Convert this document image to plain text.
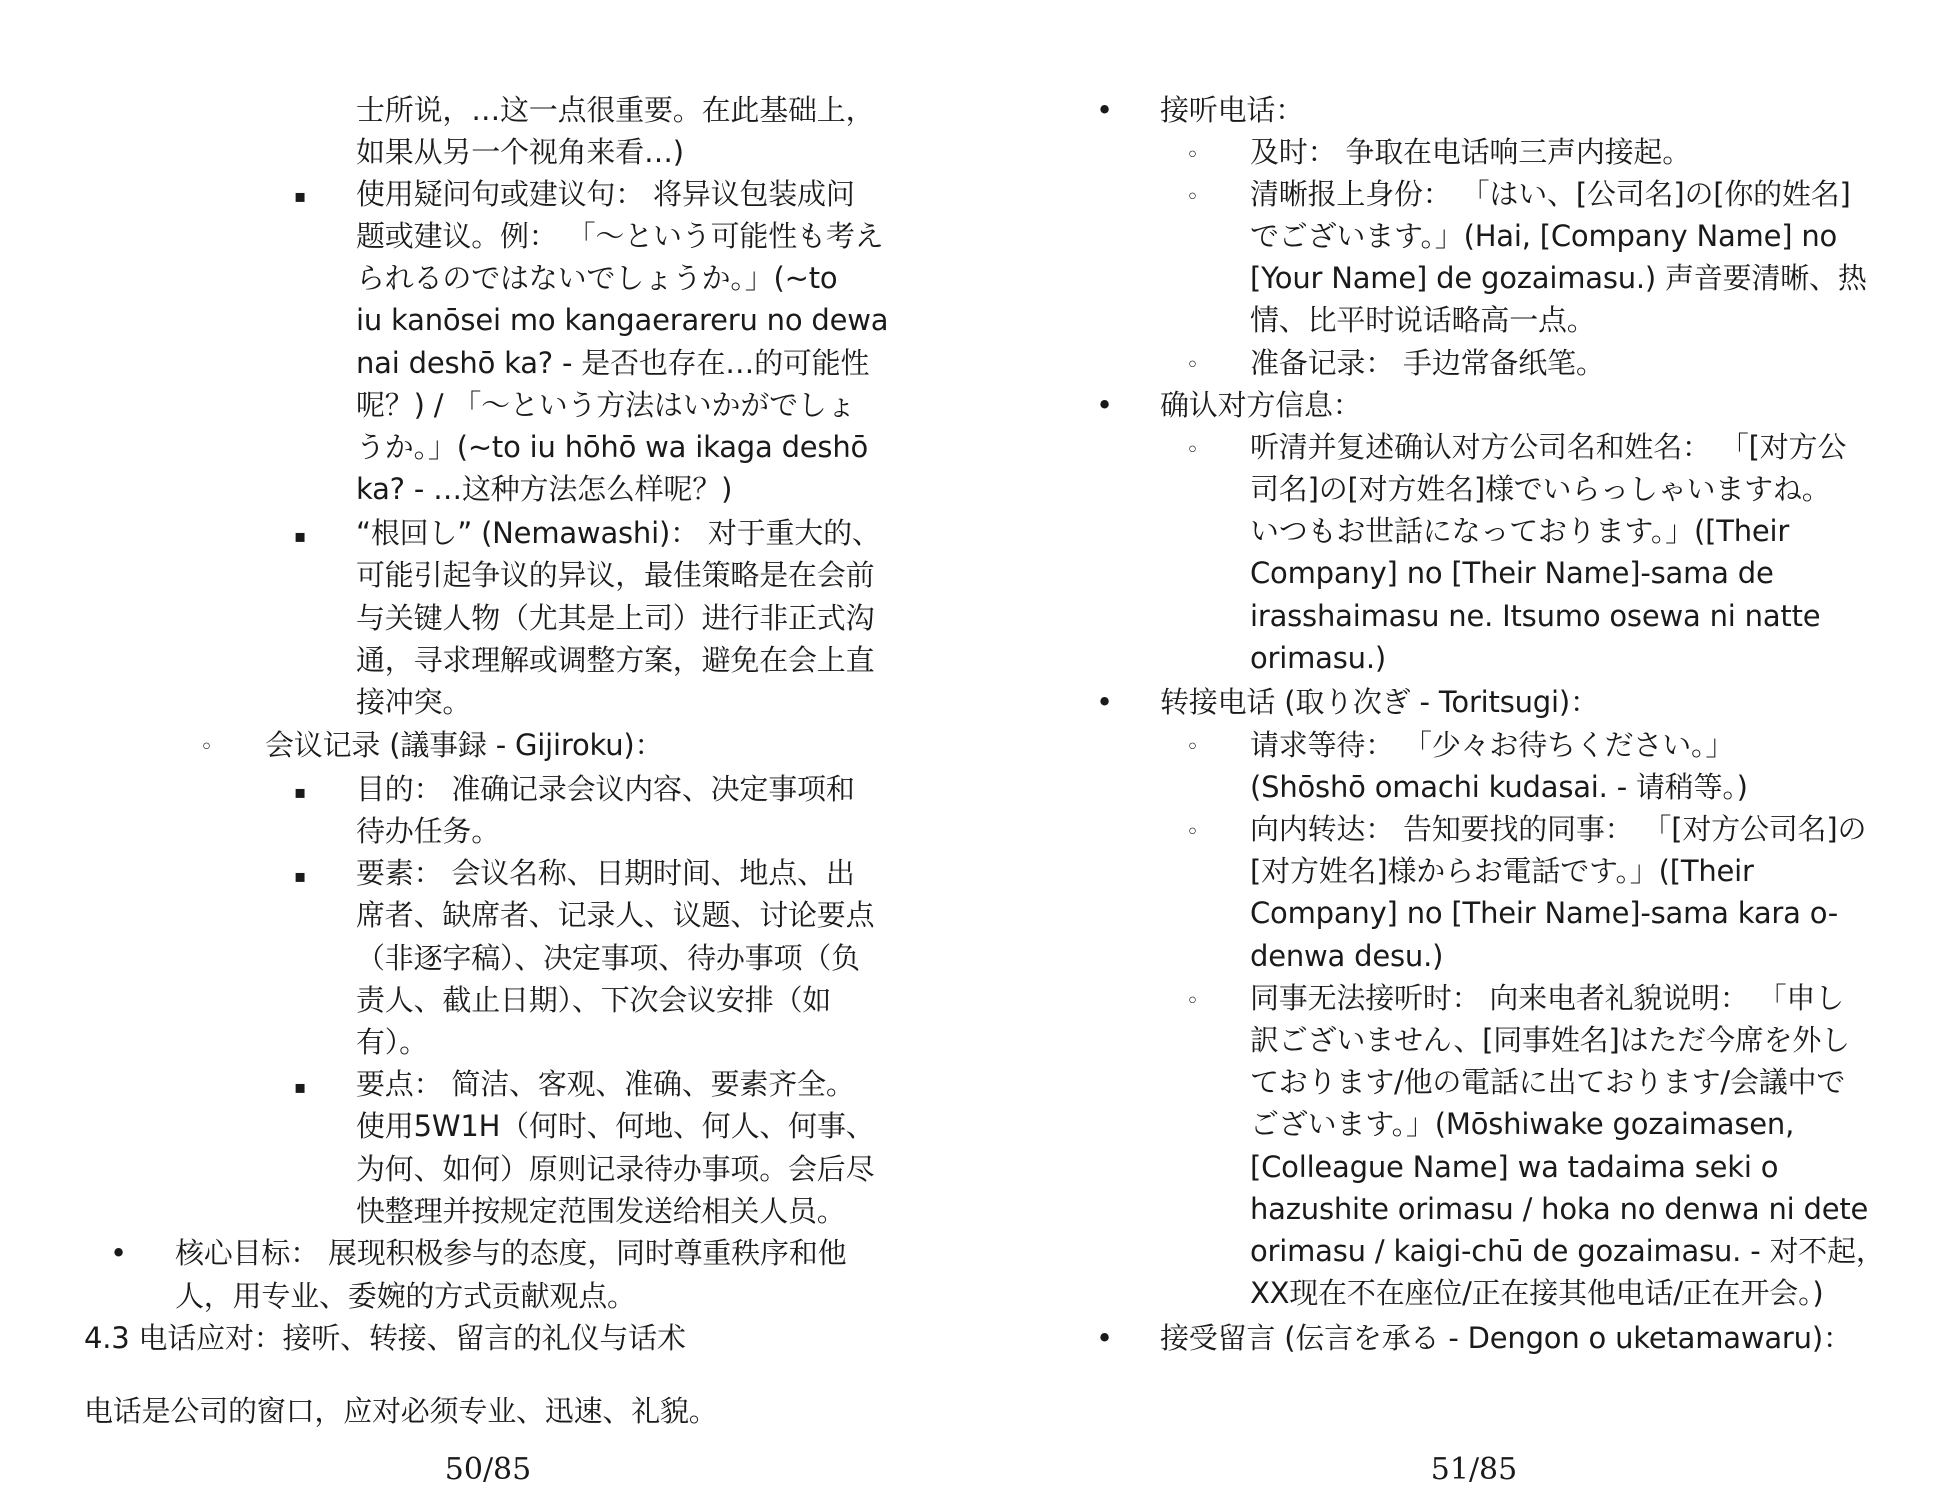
士所说，…这一点很重要。在此基础上，
如果从另一个视角来看…)
▪
使用疑问句或建议句： 将异议包装成问
题或建议。例： 「〜という可能性も考え
られるのではないでしょうか。」(~to
iu kanōsei mo kangaerareru no dewa
nai deshō ka? - 是否也存在…的可能性
呢？) / 「〜という方法はいかがでしょ
うか。」(~to iu hōhō wa ikaga deshō
ka? - …这种方法怎么样呢？)
▪
“根回し” (Nemawashi)： 对于重大的、
可能引起争议的异议，最佳策略是在会前
与关键人物（尤其是上司）进行非正式沟
通，寻求理解或调整方案，避免在会上直
接冲突。
◦
会议记录 (議事録 - Gijiroku)：
▪
目的： 准确记录会议内容、决定事项和
待办任务。
▪
要素： 会议名称、日期时间、地点、出
席者、缺席者、记录人、议题、讨论要点
（非逐字稿）、决定事项、待办事项（负
责人、截止日期）、下次会议安排（如
有）。
▪
要点： 简洁、客观、准确、要素齐全。
使用5W1H（何时、何地、何人、何事、
为何、如何）原则记录待办事项。会后尽
快整理并按规定范围发送给相关人员。
•
核心目标： 展现积极参与的态度，同时尊重秩序和他
人，用专业、委婉的方式贡献观点。
4.3 电话应对：接听、转接、留言的礼仪与话术
电话是公司的窗口，应对必须专业、迅速、礼貌。
50/85
•
接听电话：
◦
及时： 争取在电话响三声内接起。
◦
清晰报上身份： 「はい、[公司名]の[你的姓名]
でございます。」(Hai, [Company Name] no
[Your Name] de gozaimasu.) 声音要清晰、热
情、比平时说话略高一点。
◦
准备记录： 手边常备纸笔。
•
确认对方信息：
◦
听清并复述确认对方公司名和姓名： 「[对方公
司名]の[对方姓名]様でいらっしゃいますね。
いつもお世話になっております。」([Their
Company] no [Their Name]-sama de
irasshaimasu ne. Itsumo osewa ni natte
orimasu.)
•
转接电话 (取り次ぎ - Toritsugi)：
◦
请求等待： 「少々お待ちください。」
(Shōshō omachi kudasai. - 请稍等。)
◦
向内转达： 告知要找的同事： 「[对方公司名]の
[对方姓名]様からお電話です。」([Their
Company] no [Their Name]-sama kara o-
denwa desu.)
◦
同事无法接听时： 向来电者礼貌说明： 「申し
訳ございません、[同事姓名]はただ今席を外し
ております/他の電話に出ております/会議中で
ございます。」(Mōshiwake gozaimasen,
[Colleague Name] wa tadaima seki o
hazushite orimasu / hoka no denwa ni dete
orimasu / kaigi-chū de gozaimasu. - 对不起，
XX现在不在座位/正在接其他电话/正在开会。)
•
接受留言 (伝言を承る - Dengon o uketamawaru)：
51/85
